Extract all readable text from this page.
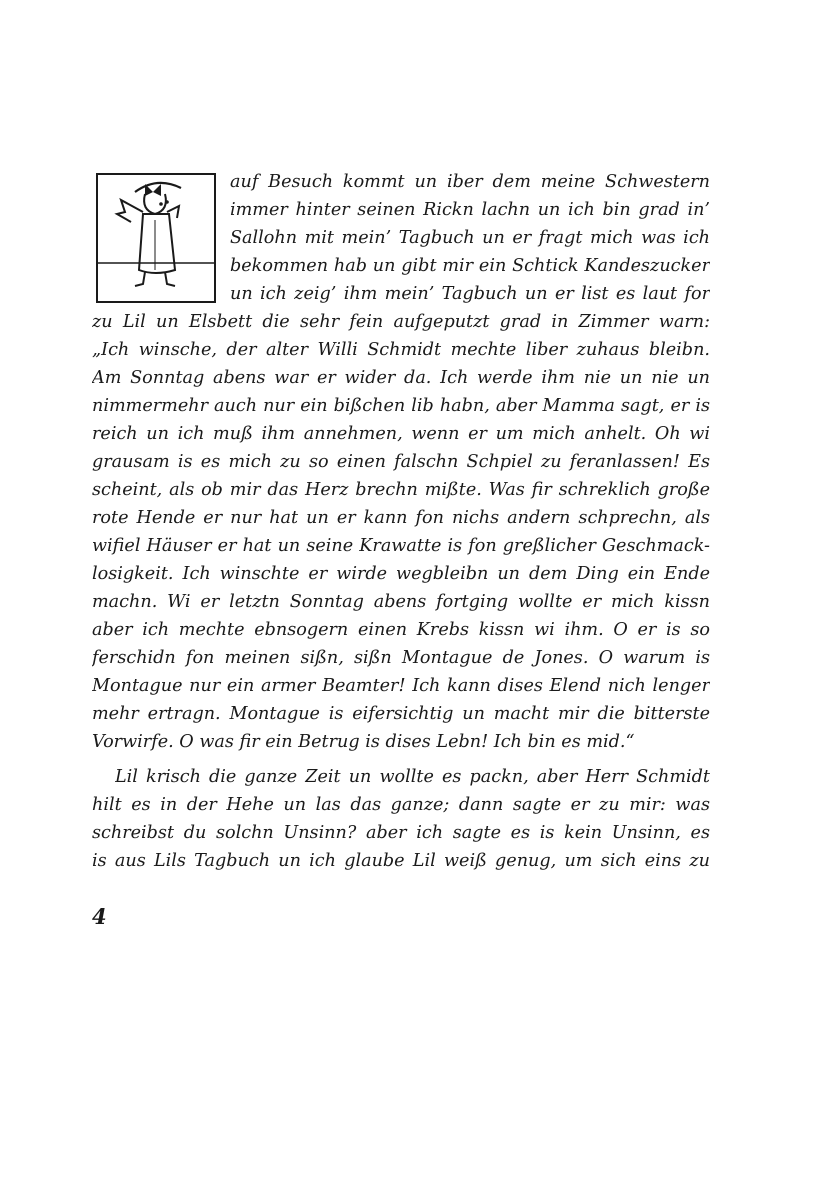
auf Besuch kommt un iber dem meine Schwestern
immer hinter seinen Rickn lachn un ich bin grad in’
Sallohn mit mein’ Tagbuch un er fragt mich was ich
bekommen hab un gibt mir ein Schtick Kandeszucker
un ich zeig’ ihm mein’ Tagbuch un er list es laut for
zu Lil un Elsbett die sehr fein aufgeputzt grad in Zimmer warn:
„Ich winsche, der alter Willi Schmidt mechte liber zuhaus bleibn.
Am Sonntag abens war er wider da. Ich werde ihm nie un nie un
nimmermehr auch nur ein bißchen lib habn, aber Mamma sagt, er is
reich un ich muß ihm annehmen, wenn er um mich anhelt. Oh wi
grausam is es mich zu so einen falschn Schpiel zu feranlassen! Es
scheint, als ob mir das Herz brechn mißte. Was fir schreklich große
rote Hende er nur hat un er kann fon nichs andern schprechn, als
wifiel Häuser er hat un seine Krawatte is fon greßlicher Geschmack-
losigkeit. Ich winschte er wirde wegbleibn un dem Ding ein Ende
machn. Wi er letztn Sonntag abens fortging wollte er mich kissn
aber ich mechte ebnsogern einen Krebs kissn wi ihm. O er is so
ferschidn fon meinen sißn, sißn Montague de Jones. O warum is
Montague nur ein armer Beamter! Ich kann dises Elend nich lenger
mehr ertragn. Montague is eifersichtig un macht mir die bitterste
Vorwirfe. O was fir ein Betrug is dises Lebn! Ich bin es mid.“
Lil krisch die ganze Zeit un wollte es packn, aber Herr Schmidt
hilt es in der Hehe un las das ganze; dann sagte er zu mir: was
schreibst du solchn Unsinn? aber ich sagte es is kein Unsinn, es
is aus Lils Tagbuch un ich glaube Lil weiß genug, um sich eins zu
4
